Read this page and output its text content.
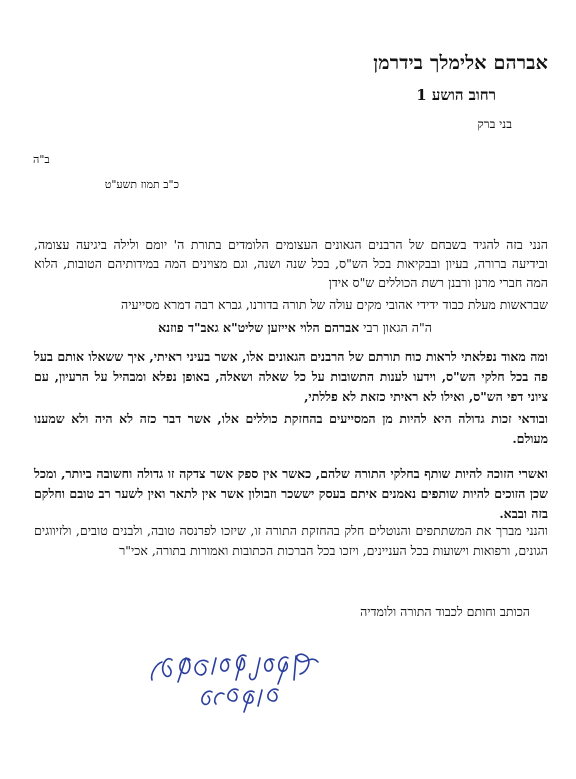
אברהם אלימלך בידרמן
רחוב הושע 1
בני ברק
ב"ה
כ"ב תמוז תשע"ט
הנני בזה להגיד בשבחם של הרבנים הגאונים העצומים הלומדים בתורת ה' יומם ולילה ביגיעה עצומה, ובידיעה ברורה, בעיון ובבקיאות בכל הש"ס, בכל שנה ושנה, וגם מצוינים המה במידותיהם הטובות, הלוא המה חברי מרנן ורבנן רשת הכוללים ש"ס אידן
שבראשות מעלת כבוד ידידי אהובי מקים עולה של תורה בדורנו, גברא רבה דמרא מסייעיה
ה"ה הגאון רבי אברהם הלוי אייזען שליט"א גאב"ד פוזנא
ומה מאוד נפלאתי לראות כוח תורתם של הרבנים הגאונים אלו, אשר בעיני ראיתי, איך ששאלו אותם בעל פה בכל חלקי הש"ס, וידעו לענות התשובות על כל שאלה ושאלה, באופן נפלא ומבהיל על הרעיון, עם ציוני דפי הש"ס, ואילו לא ראיתי כזאת לא פללתי,
ובודאי זכות גדולה היא להיות מן המסייעים בהחזקת כוללים אלו, אשר דבר כזה לא היה ולא שמענו מעולם.
ואשרי הזוכה להיות שותף בחלקי התורה שלהם, כאשר אין ספק אשר צדקה זו גדולה וחשובה ביותר, ומכל שכן הזוכים להיות שותפים נאמנים איתם בעסק יששכר וזבולון אשר אין לתאר ואין לשער רב טובם וחלקם בזה ובבא.
והנני מברך את המשתתפים והנוטלים חלק בהחזקת התורה זו, שיזכו לפרנסה טובה, ולבנים טובים, ולזיווגים הגונים, ורפואות וישועות בכל העניינים, ויזכו בכל הברכות הכתובות ואמורות בתורה, אכי"ר
הכותב וחותם לכבוד התורה ולומדיה
